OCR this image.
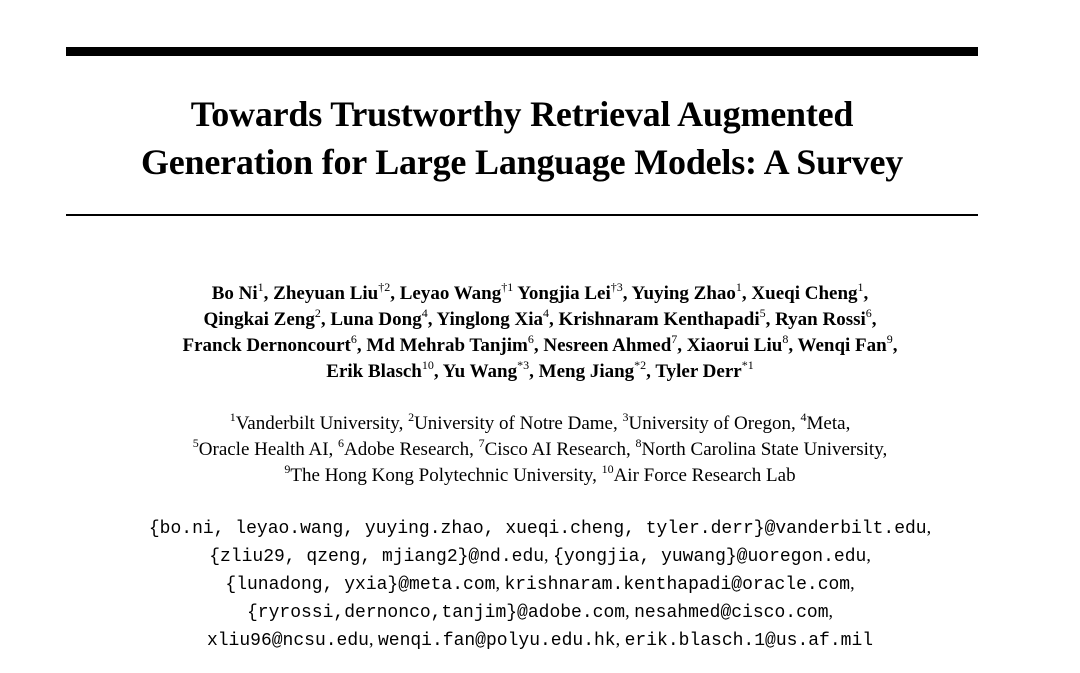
Towards Trustworthy Retrieval Augmented
Generation for Large Language Models: A Survey
Bo Ni$^1$, Zheyuan Liu$^{\dagger 2}$, Leyao Wang$^{\dagger 1}$ Yongjia Lei$^{\dagger 3}$, Yuying Zhao$^1$, Xueqi Cheng$^1$,
Qingkai Zeng$^2$, Luna Dong$^4$, Yinglong Xia$^4$, Krishnaram Kenthapadi$^5$, Ryan Rossi$^6$,
Franck Dernoncourt$^6$, Md Mehrab Tanjim$^6$, Nesreen Ahmed$^7$, Xiaorui Liu$^8$, Wenqi Fan$^9$,
Erik Blasch$^{10}$, Yu Wang$^{*3}$, Meng Jiang$^{*2}$, Tyler Derr$^{*1}$
$^1$Vanderbilt University, $^2$University of Notre Dame, $^3$University of Oregon, $^4$Meta,
$^5$Oracle Health AI, $^6$Adobe Research, $^7$Cisco AI Research, $^8$North Carolina State University,
$^9$The Hong Kong Polytechnic University, $^{10}$Air Force Research Lab
{bo.ni, leyao.wang, yuying.zhao, xueqi.cheng, tyler.derr}@vanderbilt.edu,
{zliu29, qzeng, mjiang2}@nd.edu, {yongjia, yuwang}@uoregon.edu,
{lunadong, yxia}@meta.com, krishnaram.kenthapadi@oracle.com,
{ryrossi,dernonco,tanjim}@adobe.com, nesahmed@cisco.com,
xliu96@ncsu.edu, wenqi.fan@polyu.edu.hk, erik.blasch.1@us.af.mil
